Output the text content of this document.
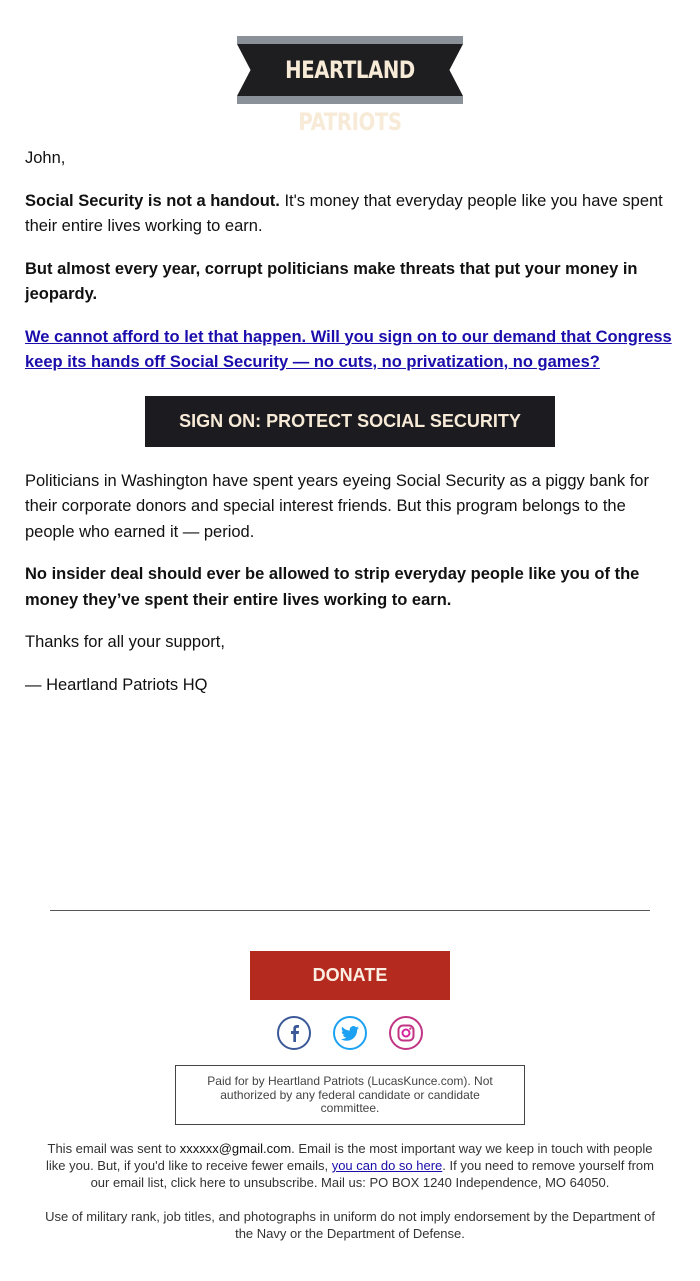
HEARTLAND PATRIOTS

John,

Social Security is not a handout. It's money that everyday people like you have spent their entire lives working to earn.

But almost every year, corrupt politicians make threats that put your money in jeopardy.

We cannot afford to let that happen. Will you sign on to our demand that Congress keep its hands off Social Security — no cuts, no privatization, no games?

SIGN ON: PROTECT SOCIAL SECURITY

Politicians in Washington have spent years eyeing Social Security as a piggy bank for their corporate donors and special interest friends. But this program belongs to the people who earned it — period.

No insider deal should ever be allowed to strip everyday people like you of the money they’ve spent their entire lives working to earn.

Thanks for all your support,

— Heartland Patriots HQ

DONATE
Paid for by Heartland Patriots (LucasKunce.com). Not authorized by any federal candidate or candidate committee.

This email was sent to xxxxxx@gmail.com. Email is the most important way we keep in touch with people like you. But, if you'd like to receive fewer emails, you can do so here. If you need to remove yourself from our email list, click here to unsubscribe. Mail us: PO BOX 1240 Independence, MO 64050.

Use of military rank, job titles, and photographs in uniform do not imply endorsement by the Department of the Navy or the Department of Defense.
